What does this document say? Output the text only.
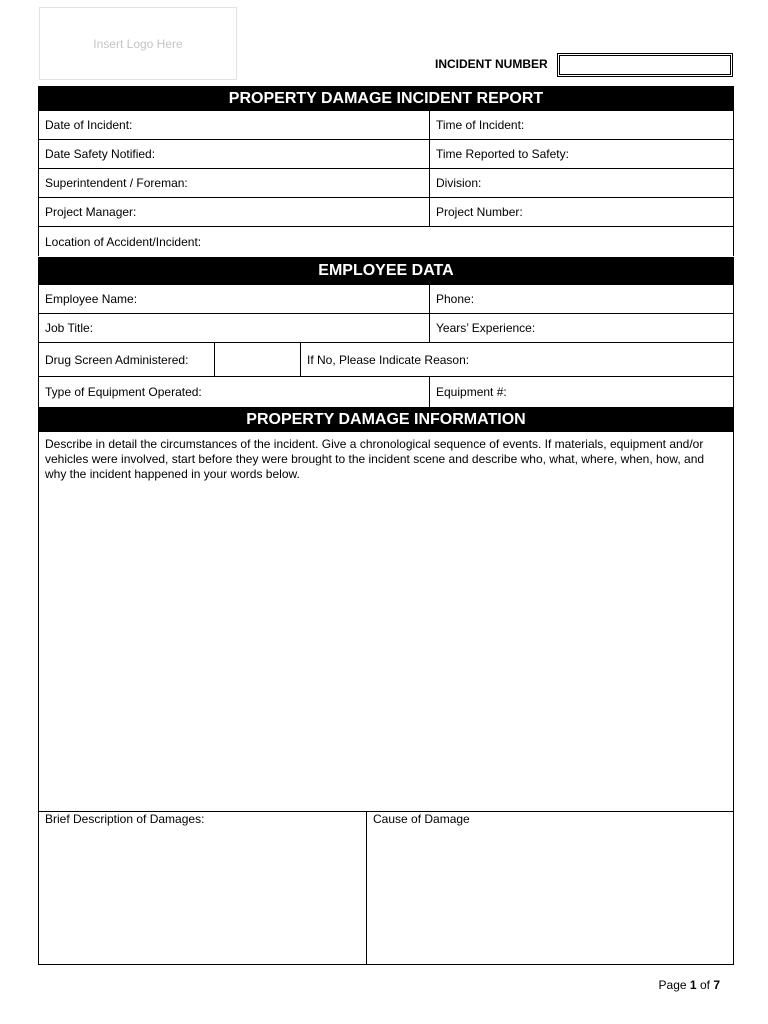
Insert Logo Here
INCIDENT NUMBER
PROPERTY DAMAGE INCIDENT REPORT
Date of Incident:	Time of Incident:
Date Safety Notified:	Time Reported to Safety:
Superintendent / Foreman:	Division:
Project Manager:	Project Number:
Location of Accident/Incident:
EMPLOYEE DATA
Employee Name:	Phone:
Job Title:	Years’ Experience:
Drug Screen Administered:	If No, Please Indicate Reason:
Type of Equipment Operated:	Equipment #:
PROPERTY DAMAGE INFORMATION
Describe in detail the circumstances of the incident. Give a chronological sequence of events. If materials, equipment and/or vehicles were involved, start before they were brought to the incident scene and describe who, what, where, when, how, and why the incident happened in your words below.
Brief Description of Damages:	Cause of Damage
Page 1 of 7
